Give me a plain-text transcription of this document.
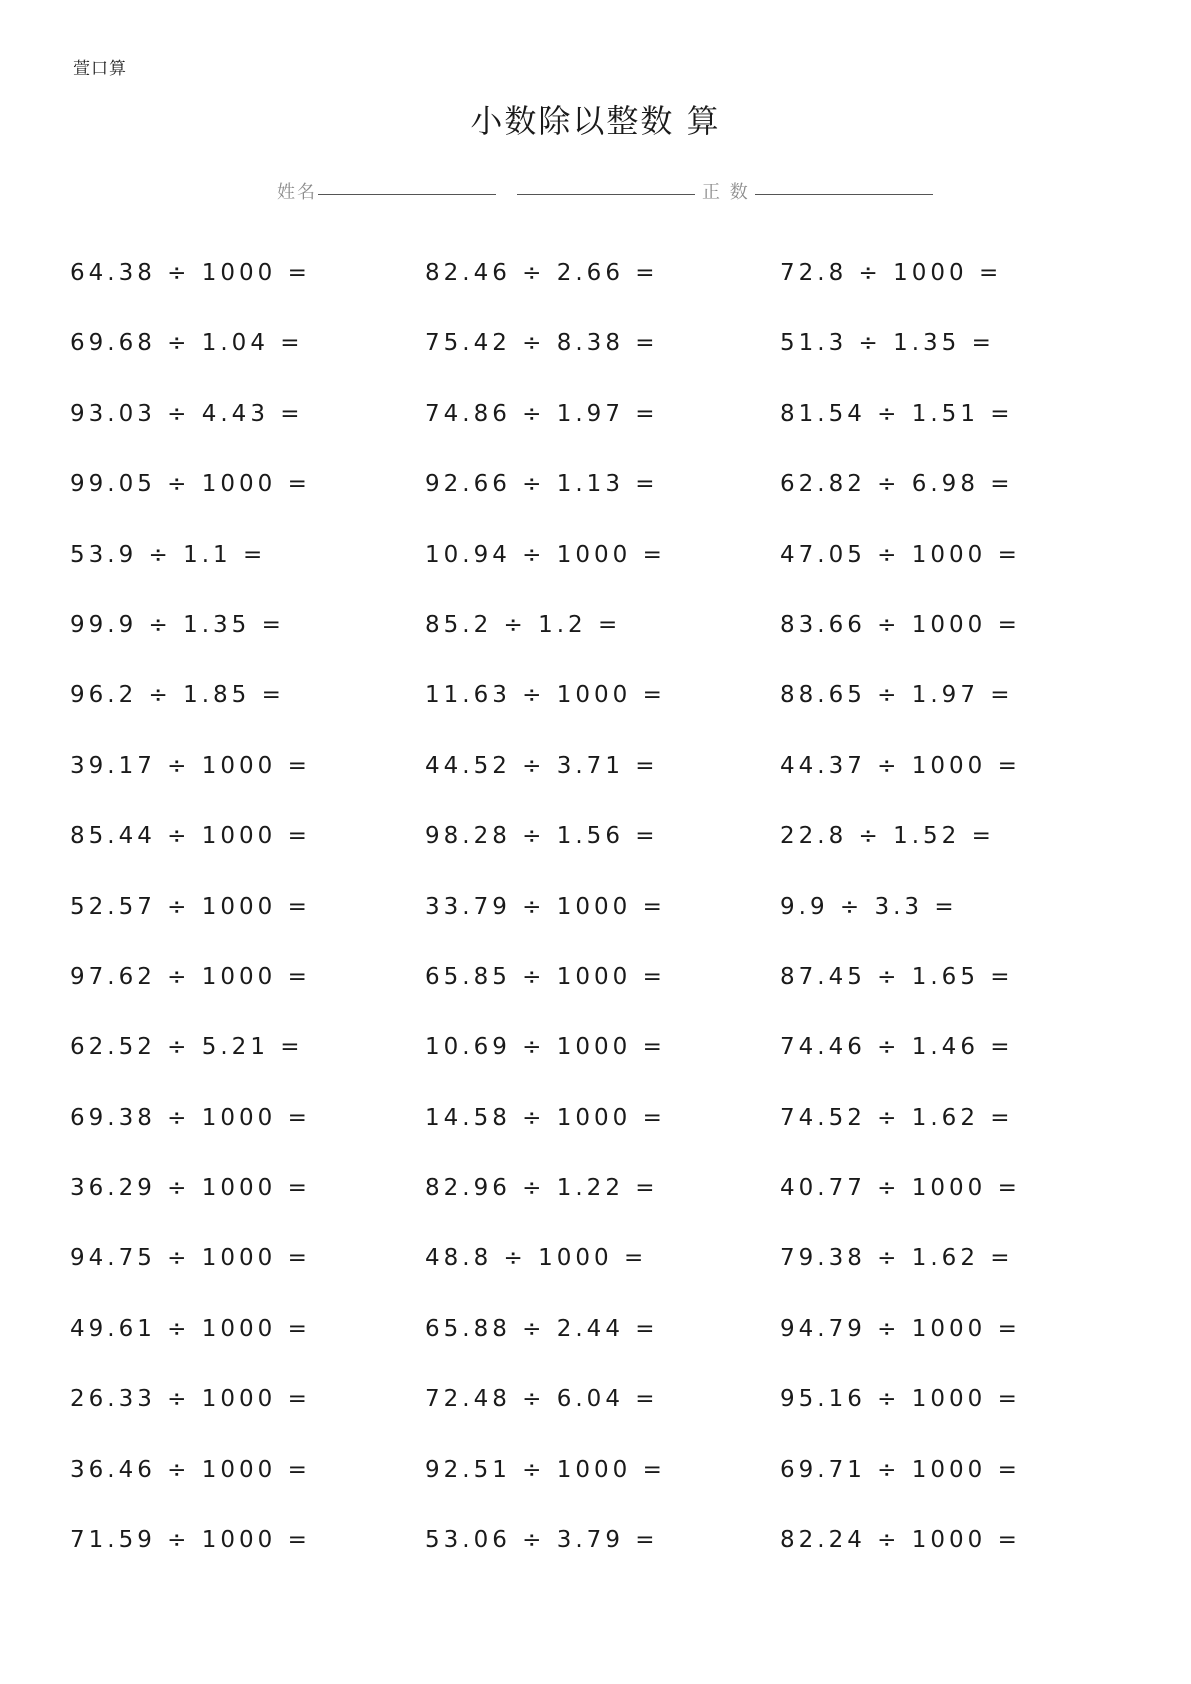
萱口算
小数除以整数 算
姓名	正 数
64.38 ÷ 1000 =	82.46 ÷ 2.66 =	72.8 ÷ 1000 =
69.68 ÷ 1.04 =	75.42 ÷ 8.38 =	51.3 ÷ 1.35 =
93.03 ÷ 4.43 =	74.86 ÷ 1.97 =	81.54 ÷ 1.51 =
99.05 ÷ 1000 =	92.66 ÷ 1.13 =	62.82 ÷ 6.98 =
53.9 ÷ 1.1 =	10.94 ÷ 1000 =	47.05 ÷ 1000 =
99.9 ÷ 1.35 =	85.2 ÷ 1.2 =	83.66 ÷ 1000 =
96.2 ÷ 1.85 =	11.63 ÷ 1000 =	88.65 ÷ 1.97 =
39.17 ÷ 1000 =	44.52 ÷ 3.71 =	44.37 ÷ 1000 =
85.44 ÷ 1000 =	98.28 ÷ 1.56 =	22.8 ÷ 1.52 =
52.57 ÷ 1000 =	33.79 ÷ 1000 =	9.9 ÷ 3.3 =
97.62 ÷ 1000 =	65.85 ÷ 1000 =	87.45 ÷ 1.65 =
62.52 ÷ 5.21 =	10.69 ÷ 1000 =	74.46 ÷ 1.46 =
69.38 ÷ 1000 =	14.58 ÷ 1000 =	74.52 ÷ 1.62 =
36.29 ÷ 1000 =	82.96 ÷ 1.22 =	40.77 ÷ 1000 =
94.75 ÷ 1000 =	48.8 ÷ 1000 =	79.38 ÷ 1.62 =
49.61 ÷ 1000 =	65.88 ÷ 2.44 =	94.79 ÷ 1000 =
26.33 ÷ 1000 =	72.48 ÷ 6.04 =	95.16 ÷ 1000 =
36.46 ÷ 1000 =	92.51 ÷ 1000 =	69.71 ÷ 1000 =
71.59 ÷ 1000 =	53.06 ÷ 3.79 =	82.24 ÷ 1000 =
